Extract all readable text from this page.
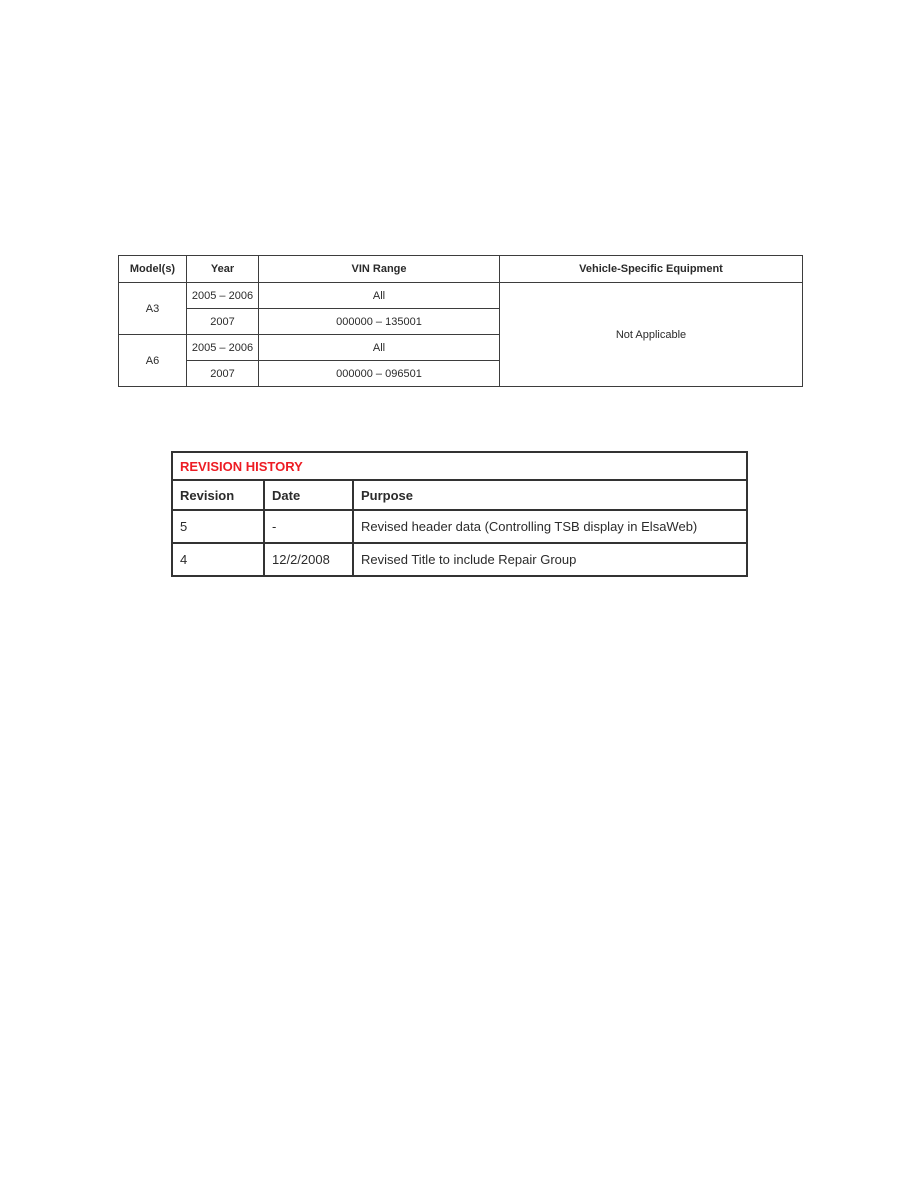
Model(s)	Year	VIN Range	Vehicle-Specific Equipment
A3	2005 – 2006	All	Not Applicable
	2007	000000 – 135001	
A6	2005 – 2006	All	
	2007	000000 – 096501	
REVISION HISTORY		
Revision	Date	Purpose
5	-	Revised header data (Controlling TSB display in ElsaWeb)
4	12/2/2008	Revised Title to include Repair Group
